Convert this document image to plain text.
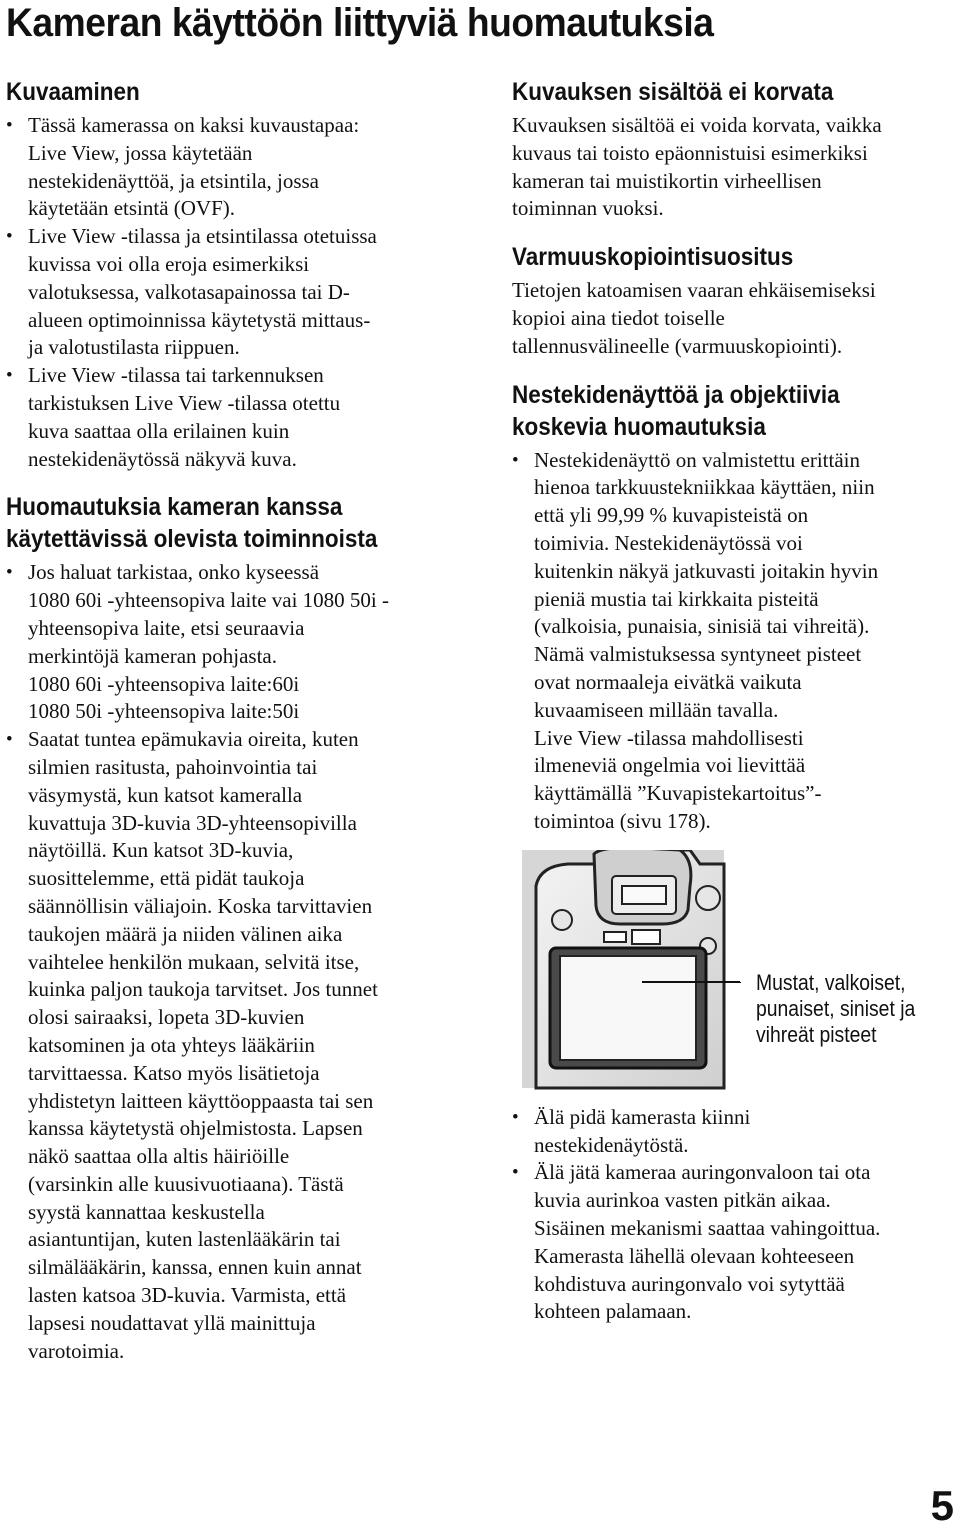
Kameran käyttöön liittyviä huomautuksia
Kuvaaminen
• Tässä kamerassa on kaksi kuvaustapaa:
Live View, jossa käytetään
nestekidenäyttöä, ja etsintila, jossa
käytetään etsintä (OVF).
• Live View -tilassa ja etsintilassa otetuissa
kuvissa voi olla eroja esimerkiksi
valotuksessa, valkotasapainossa tai D-
alueen optimoinnissa käytetystä mittaus-
ja valotustilasta riippuen.
• Live View -tilassa tai tarkennuksen
tarkistuksen Live View -tilassa otettu
kuva saattaa olla erilainen kuin
nestekidenäytössä näkyvä kuva.
Huomautuksia kameran kanssa
käytettävissä olevista toiminnoista
• Jos haluat tarkistaa, onko kyseessä
1080 60i -yhteensopiva laite vai 1080 50i -
yhteensopiva laite, etsi seuraavia
merkintöjä kameran pohjasta.
1080 60i -yhteensopiva laite:60i
1080 50i -yhteensopiva laite:50i
• Saatat tuntea epämukavia oireita, kuten
silmien rasitusta, pahoinvointia tai
väsymystä, kun katsot kameralla
kuvattuja 3D-kuvia 3D-yhteensopivilla
näytöillä. Kun katsot 3D-kuvia,
suosittelemme, että pidät taukoja
säännöllisin väliajoin. Koska tarvittavien
taukojen määrä ja niiden välinen aika
vaihtelee henkilön mukaan, selvitä itse,
kuinka paljon taukoja tarvitset. Jos tunnet
olosi sairaaksi, lopeta 3D-kuvien
katsominen ja ota yhteys lääkäriin
tarvittaessa. Katso myös lisätietoja
yhdistetyn laitteen käyttöoppaasta tai sen
kanssa käytetystä ohjelmistosta. Lapsen
näkö saattaa olla altis häiriöille
(varsinkin alle kuusivuotiaana). Tästä
syystä kannattaa keskustella
asiantuntijan, kuten lastenlääkärin tai
silmälääkärin, kanssa, ennen kuin annat
lasten katsoa 3D-kuvia. Varmista, että
lapsesi noudattavat yllä mainittuja
varotoimia.
Kuvauksen sisältöä ei korvata

Kuvauksen sisältöä ei voida korvata, vaikka
kuvaus tai toisto epäonnistuisi esimerkiksi
kameran tai muistikortin virheellisen
toiminnan vuoksi.

Varmuuskopiointisuositus

Tietojen katoamisen vaaran ehkäisemiseksi
kopioi aina tiedot toiselle
tallennusvälineelle (varmuuskopiointi).

Nestekidenäyttöä ja objektiivia
koskevia huomautuksia
• Nestekidenäyttö on valmistettu erittäin
hienoa tarkkuustekniikkaa käyttäen, niin
että yli 99,99 % kuvapisteistä on
toimivia. Nestekidenäytössä voi
kuitenkin näkyä jatkuvasti joitakin hyvin
pieniä mustia tai kirkkaita pisteitä
(valkoisia, punaisia, sinisiä tai vihreitä).
Nämä valmistuksessa syntyneet pisteet
ovat normaaleja eivätkä vaikuta
kuvaamiseen millään tavalla.
Live View -tilassa mahdollisesti
ilmeneviä ongelmia voi lievittää
käyttämällä ”Kuvapistekartoitus”-
toimintoa (sivu 178).
Mustat, valkoiset,
punaiset, siniset ja
vihreät pisteet
• Älä pidä kamerasta kiinni
nestekidenäytöstä.
• Älä jätä kameraa auringonvaloon tai ota
kuvia aurinkoa vasten pitkän aikaa.
Sisäinen mekanismi saattaa vahingoittua.
Kamerasta lähellä olevaan kohteeseen
kohdistuva auringonvalo voi sytyttää
kohteen palamaan.
5
